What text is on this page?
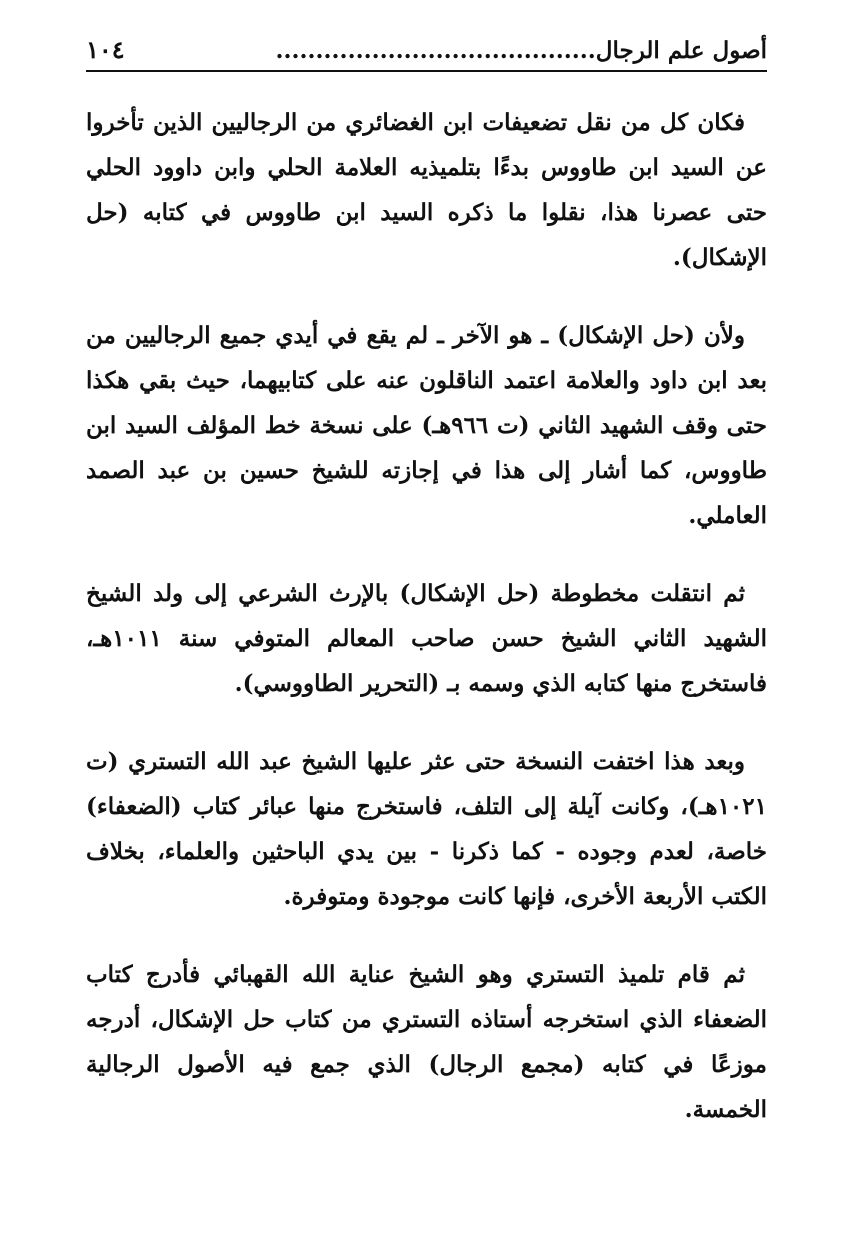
١٠٤	أصول علم الرجال........................................

فكان كل من نقل تضعيفات ابن الغضائري من الرجاليين الذين تأخروا عن السيد ابن طاووس بدءًا بتلميذيه العلامة الحلي وابن داوود الحلي حتى عصرنا هذا، نقلوا ما ذكره السيد ابن طاووس في كتابه (حل الإشكال).

ولأن (حل الإشكال) ـ هو الآخر ـ لم يقع في أيدي جميع الرجاليين من بعد ابن داود والعلامة اعتمد الناقلون عنه على كتابيهما، حيث بقي هكذا حتى وقف الشهيد الثاني (ت ٩٦٦هـ) على نسخة خط المؤلف السيد ابن طاووس، كما أشار إلى هذا في إجازته للشيخ حسين بن عبد الصمد العاملي.

ثم انتقلت مخطوطة (حل الإشكال) بالإرث الشرعي إلى ولد الشيخ الشهيد الثاني الشيخ حسن صاحب المعالم المتوفي سنة ١٠١١هـ، فاستخرج منها كتابه الذي وسمه بـ (التحرير الطاووسي).

وبعد هذا اختفت النسخة حتى عثر عليها الشيخ عبد الله التستري (ت ١٠٢١هـ)، وكانت آيلة إلى التلف، فاستخرج منها عبائر كتاب (الضعفاء) خاصة، لعدم وجوده - كما ذكرنا - بين يدي الباحثين والعلماء، بخلاف الكتب الأربعة الأخرى، فإنها كانت موجودة ومتوفرة.

ثم قام تلميذ التستري وهو الشيخ عناية الله القهبائي فأدرج كتاب الضعفاء الذي استخرجه أستاذه التستري من كتاب حل الإشكال، أدرجه موزعًا في كتابه (مجمع الرجال) الذي جمع فيه الأصول الرجالية الخمسة.
